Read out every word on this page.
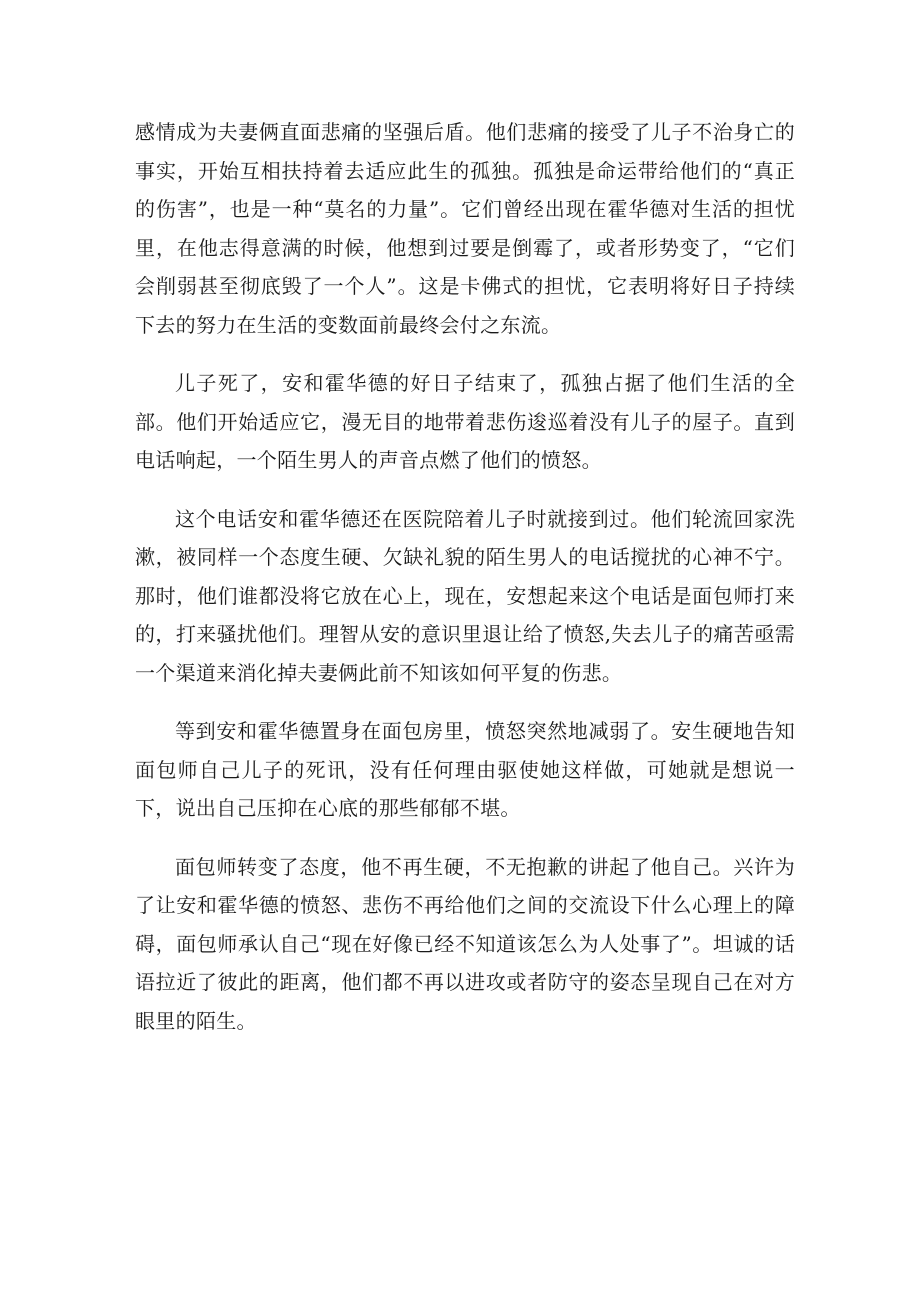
感情成为夫妻俩直面悲痛的坚强后盾。他们悲痛的接受了儿子不治身亡的事实，开始互相扶持着去适应此生的孤独。孤独是命运带给他们的“真正的伤害”，也是一种“莫名的力量”。它们曾经出现在霍华德对生活的担忧里，在他志得意满的时候，他想到过要是倒霉了，或者形势变了，“它们会削弱甚至彻底毁了一个人”。这是卡佛式的担忧，它表明将好日子持续下去的努力在生活的变数面前最终会付之东流。

儿子死了，安和霍华德的好日子结束了，孤独占据了他们生活的全部。他们开始适应它，漫无目的地带着悲伤逡巡着没有儿子的屋子。直到电话响起，一个陌生男人的声音点燃了他们的愤怒。

这个电话安和霍华德还在医院陪着儿子时就接到过。他们轮流回家洗漱，被同样一个态度生硬、欠缺礼貌的陌生男人的电话搅扰的心神不宁。那时，他们谁都没将它放在心上，现在，安想起来这个电话是面包师打来的，打来骚扰他们。理智从安的意识里退让给了愤怒,失去儿子的痛苦亟需一个渠道来消化掉夫妻俩此前不知该如何平复的伤悲。

等到安和霍华德置身在面包房里，愤怒突然地减弱了。安生硬地告知面包师自己儿子的死讯，没有任何理由驱使她这样做，可她就是想说一下，说出自己压抑在心底的那些郁郁不堪。

面包师转变了态度，他不再生硬，不无抱歉的讲起了他自己。兴许为了让安和霍华德的愤怒、悲伤不再给他们之间的交流设下什么心理上的障碍，面包师承认自己“现在好像已经不知道该怎么为人处事了”。坦诚的话语拉近了彼此的距离，他们都不再以进攻或者防守的姿态呈现自己在对方眼里的陌生。
